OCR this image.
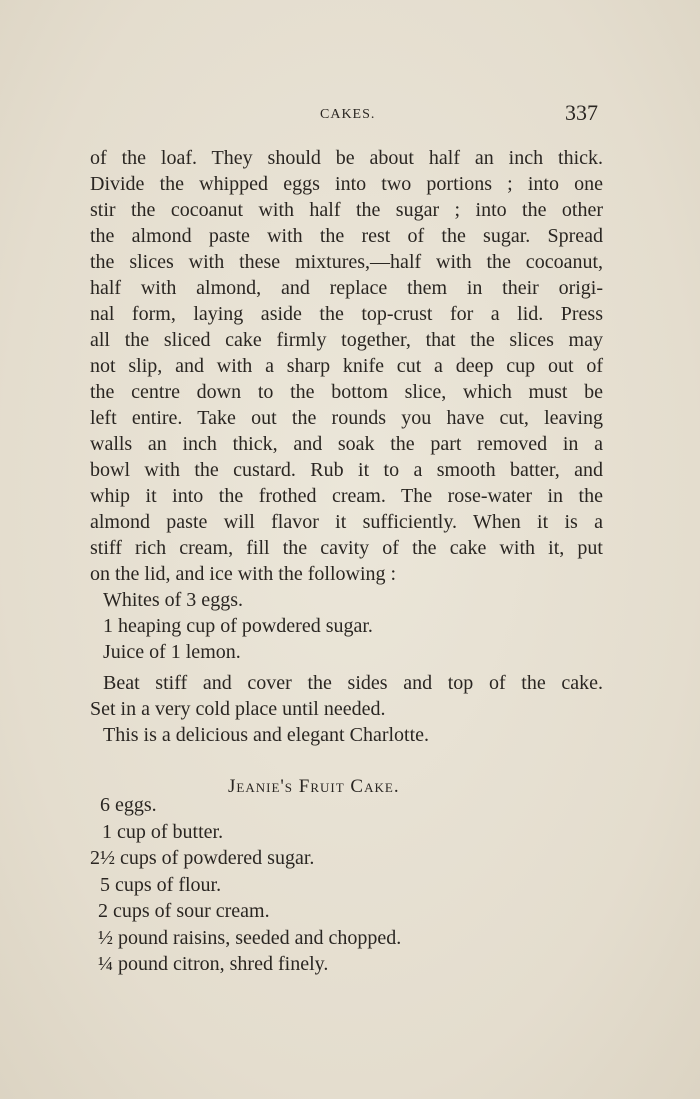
CAKES.	337
of the loaf. They should be about half an inch thick.
Divide the whipped eggs into two portions ; into one
stir the cocoanut with half the sugar ; into the other
the almond paste with the rest of the sugar. Spread
the slices with these mixtures,—half with the cocoanut,
half with almond, and replace them in their origi-
nal form, laying aside the top-crust for a lid. Press
all the sliced cake firmly together, that the slices may
not slip, and with a sharp knife cut a deep cup out of
the centre down to the bottom slice, which must be
left entire. Take out the rounds you have cut, leaving
walls an inch thick, and soak the part removed in a
bowl with the custard. Rub it to a smooth batter, and
whip it into the frothed cream. The rose-water in the
almond paste will flavor it sufficiently. When it is a
stiff rich cream, fill the cavity of the cake with it, put
on the lid, and ice with the following :
Whites of 3 eggs.
1 heaping cup of powdered sugar.
Juice of 1 lemon.
Beat stiff and cover the sides and top of the cake.
Set in a very cold place until needed.
This is a delicious and elegant Charlotte.
Jeanie's Fruit Cake.
6 eggs.
1 cup of butter.
2½ cups of powdered sugar.
5 cups of flour.
2 cups of sour cream.
½ pound raisins, seeded and chopped.
¼ pound citron, shred finely.
